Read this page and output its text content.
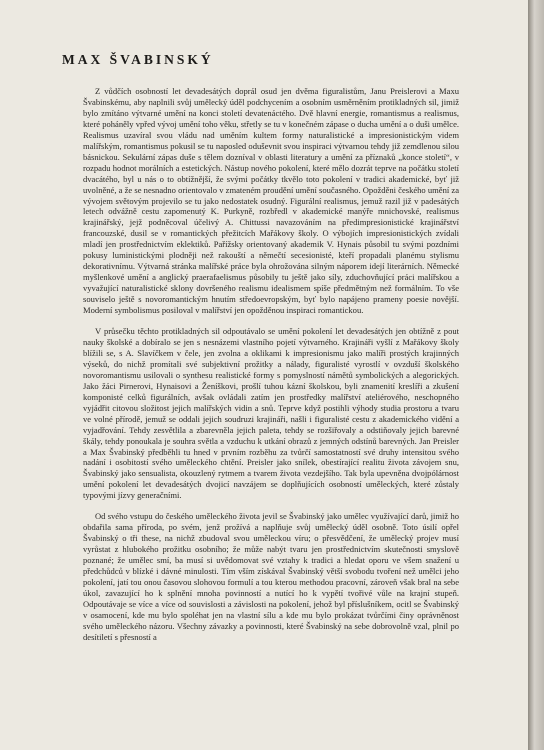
MAX ŠVABINSKÝ

Z vůdčích osobností let devadesátých doprál osud jen dvěma figuralistům, Janu Preislerovi a Maxu Švabinskému, aby naplnili svůj umělecký úděl podchycením a osobním usměrněním protikladných sil, jimiž bylo zmítáno výtvarné umění na konci století devatenáctého. Dvě hlavní energie, romantismus a realismus, které poháněly vpřed vývoj umění toho věku, střetly se tu v konečném zápase o ducha umění a o duši umělce. Realismus uzavíral svou vládu nad uměním kultem formy naturalistické a impresionistickým videm malířským, romantismus pokusil se tu naposled oduševnit svou inspiraci výtvarnou tehdy již zemdlenou silou básnickou. Sekulární zápas duše s tělem dozníval v oblasti literatury a umění za příznaků „konce století“, v rozpadu hodnot morálních a estetických. Nástup nového pokolení, které mělo dozrát teprve na počátku století dvacátého, byl u nás o to obtížnější, že svými počátky tkvělo toto pokolení v tradici akademické, byť již uvolněné, a že se nesnadno orientovalo v zmateném proudění umění současného. Opožděni českého umění za vývojem světovým projevilo se tu jako nedostatek osudný. Figurální realismus, jemuž razil již v padesátých letech odvážně cestu zapomenutý K. Purkyně, rozbředl v akademické manýře mnichovské, realismus krajinářský, jejž podněcoval účelivý A. Chittussi navazováním na předimpresionistické krajinářství francouzské, dusil se v romantických přežitcích Mařákovy školy. O výbojích impresionistických zvídali mladí jen prostřednictvím eklektiků. Pařížsky orientovaný akademik V. Hynais působil tu svými pozdními pokusy luministickými plodněji než rakouští a němečtí secesionisté, kteří propadali planému stylismu dekorativnímu. Výtvarná stránka malířské práce byla ohrožována silným náporem idejí literárních. Německé myšlenkové umění a anglický praerafaelismus působily tu ještě jako síly, zduchovňující práci malířskou a vyvažující naturalistické sklony dovršeného realismu idealismem spíše předmětným než formálním. To vše souviselo ještě s novoromantickým hnutím středoevropským, byť bylo napájeno prameny poesie novější. Moderní symbolismus posiloval v malířství jen opožděnou inspiraci romantickou.

V průsečku těchto protikladných sil odpoutávalo se umění pokolení let devadesátých jen obtížně z pout nauky školské a dobíralo se jen s nesnázemi vlastního pojetí výtvarného. Krajináři vyšlí z Mařákovy školy blížili se, s A. Slavíčkem v čele, jen zvolna a oklikami k impresionismu jako malíři prostých krajinných výseků, do nichž promítali své subjektivní prožitky a nálady, figuralisté vyrostlí v ovzduší školského novoromantismu usilovali o synthesu realistické formy s pomyslností námětů symbolických a alegorických. Jako žáci Pirnerovi, Hynaisovi a Ženíškovi, prošlí tuhou kázní školskou, byli znamenití kreslíři a zkušení komponisté celků figurálních, avšak ovládali zatím jen prostředky malířství ateliérového, neschopného vyjádřit citovou složitost jejich malířských vidin a snů. Teprve když postihli výhody studia prostoru a tvaru ve volné přírodě, jemuž se oddali jejich soudruzi krajináři, našli i figuralisté cestu z akademického vidění a vyjadřování. Tehdy zesvětlila a zbarevněla jejich paleta, tehdy se rozšiřovaly a odstiňovaly jejich barevné škály, tehdy ponoukala je souhra světla a vzduchu k utkání obrazů z jemných odstínů barevných. Jan Preisler a Max Švabinský předběhli tu hned v prvním rozběhu za tvůrčí samostatností své druhy intensitou svého nadání i osobitostí svého uměleckého chtění. Preisler jako snílek, obestírající realitu života závojem snu, Švabinský jako sensualista, okouzlený rytmem a tvarem života vezdejšího. Tak byla upevněna dvojpólárnost umění pokolení let devadesátých dvojicí navzájem se doplňujících osobností uměleckých, které zůstaly typovými jízvy generačními.

Od svého vstupu do českého uměleckého života jevil se Švabinský jako umělec využívající darů, jimiž ho obdařila sama příroda, po svém, jenž prožívá a naplňuje svůj umělecký úděl osobně. Toto úsilí opřel Švabinský o tři these, na nichž zbudoval svou uměleckou víru; o přesvědčení, že umělecký projev musí vyrůstat z hlubokého prožitku osobního; že může nabýt tvaru jen prostřednictvím skutečnosti smyslově poznané; že umělec smí, ba musí si uvědomovat své vztahy k tradici a hledat oporu ve všem snažení u předchůdců v blízké i dávné minulosti. Tím vším získával Švabinský větší svobodu tvoření než umělci jeho pokolení, jatí tou onou časovou slohovou formulí a tou kterou methodou pracovní, zároveň však bral na sebe úkol, zavazující ho k splnění mnoha povinností a nutící ho k vypětí tvořivé vůle na krajní stupeň. Odpoutávaje se více a více od souvislosti a závislosti na pokolení, jehož byl příslušníkem, ocitl se Švabinský v osamocení, kde mu bylo spoléhat jen na vlastní sílu a kde mu bylo prokázat tvůrčími činy oprávněnost svého uměleckého názoru. Všechny závazky a povinnosti, které Švabinský na sebe dobrovolně vzal, plnil po desítiletí s přesností a
